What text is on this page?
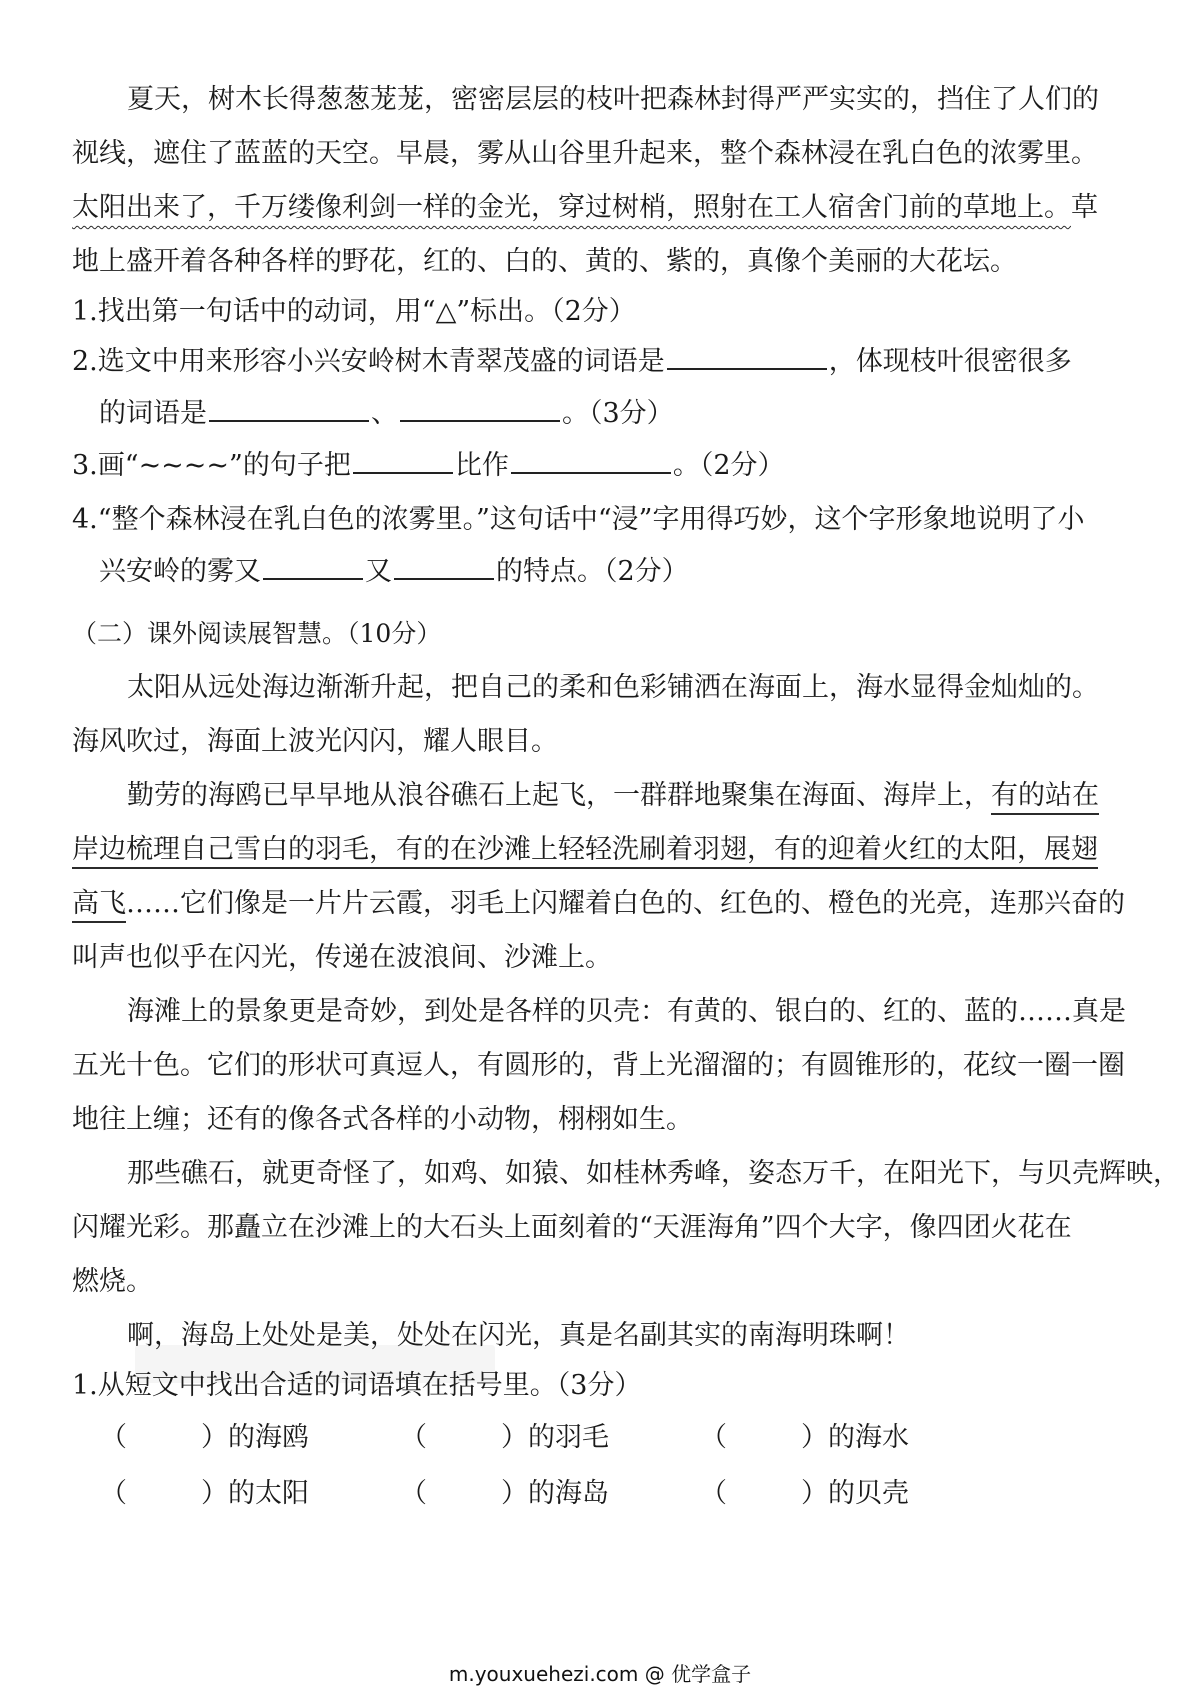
夏天，树木长得葱葱茏茏，密密层层的枝叶把森林封得严严实实的，挡住了人们的
视线，遮住了蓝蓝的天空。早晨，雾从山谷里升起来，整个森林浸在乳白色的浓雾里。
太阳出来了，千万缕像利剑一样的金光，穿过树梢，照射在工人宿舍门前的草地上。草
地上盛开着各种各样的野花，红的、白的、黄的、紫的，真像个美丽的大花坛。
1.找出第一句话中的动词，用“△”标出。（2分）
2.选文中用来形容小兴安岭树木青翠茂盛的词语是	，体现枝叶很密很多
的词语是	、	。（3分）
3.画“~~~~”的句子把	比作	。（2分）
4.“整个森林浸在乳白色的浓雾里。”这句话中“浸”字用得巧妙，这个字形象地说明了小
兴安岭的雾又	又	的特点。（2分）
（二）课外阅读展智慧。（10分）
太阳从远处海边渐渐升起，把自己的柔和色彩铺洒在海面上，海水显得金灿灿的。
海风吹过，海面上波光闪闪，耀人眼目。
勤劳的海鸥已早早地从浪谷礁石上起飞，一群群地聚集在海面、海岸上，有的站在
岸边梳理自己雪白的羽毛，有的在沙滩上轻轻洗刷着羽翅，有的迎着火红的太阳，展翅
高飞……它们像是一片片云霞，羽毛上闪耀着白色的、红色的、橙色的光亮，连那兴奋的
叫声也似乎在闪光，传递在波浪间、沙滩上。
海滩上的景象更是奇妙，到处是各样的贝壳：有黄的、银白的、红的、蓝的……真是
五光十色。它们的形状可真逗人，有圆形的，背上光溜溜的；有圆锥形的，花纹一圈一圈
地往上缠；还有的像各式各样的小动物，栩栩如生。
那些礁石，就更奇怪了，如鸡、如猿、如桂林秀峰，姿态万千，在阳光下，与贝壳辉映，
闪耀光彩。那矗立在沙滩上的大石头上面刻着的“天涯海角”四个大字，像四团火花在
燃烧。
啊，海岛上处处是美，处处在闪光，真是名副其实的南海明珠啊！
1.从短文中找出合适的词语填在括号里。（3分）
（	）的海鸥	（	）的羽毛	（	）的海水
（	）的太阳	（	）的海岛	（	）的贝壳
m.youxuehezi.com @ 优学盒子
